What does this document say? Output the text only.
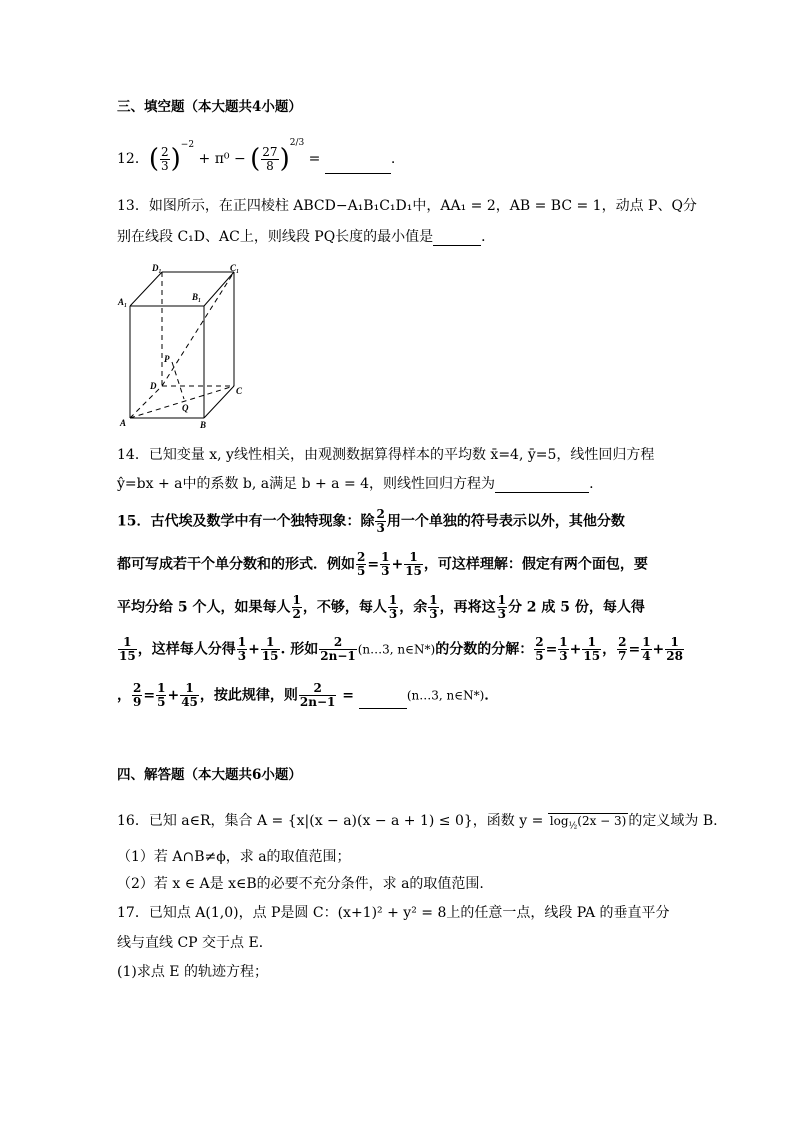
三、填空题（本大题共4小题）
12．( $\frac{2}{3} )^{-2} + \pi^0$ − ( $\frac{27}{8} )^{2/3}$ =	.
13．如图所示，在正四棱柱 ABCD−A₁B₁C₁D₁中，AA₁ = 2，AB = BC = 1，动点 P、Q分
别在线段 C₁D、AC上，则线段 PQ长度的最小值是	．
D₁	C₁
A₁	B₁
P
D	C
A
Q
B
14．已知变量 x, y线性相关，由观测数据算得样本的平均数 x̄=4, ȳ=5，线性回归方程
ŷ=bx + a中的系数 b, a满足 b + a = 4，则线性回归方程为	.
15．古代埃及数学中有一个独特现象：除 $\frac{2}{3}$ 用一个单独的符号表示以外，其他分数
都可写成若干个单分数和的形式．例如 $\frac{2}{5} = \frac{1}{3} + \frac{1}{15}$ ，可这样理解：假定有两个面包，要
平均分给 5 个人，如果每人 $\frac{1}{2}$ ，不够，每人 $\frac{1}{3}$ ，余 $\frac{1}{3}$ ，再将这 $\frac{1}{3}$ 分 2 成 5 份，每人得
$\frac{1}{15}$ ，这样每人分得 $\frac{1}{3} + \frac{1}{15}$ . 形如 $\frac{2}{2n-1}$ (n…3, n∈N*)的分数的分解： $\frac{2}{5} = \frac{1}{3} + \frac{1}{15}$ ， $\frac{2}{7} = \frac{1}{4} + \frac{1}{28}$
， $\frac{2}{9} = \frac{1}{5} + \frac{1}{45}$ ，按此规律，则 $\frac{2}{2n-1}$ =	(n…3, n∈N*)．
四、解答题（本大题共6小题）
16．已知 a∈R，集合 A = {x|(x − a)(x − a + 1) ≤ 0}，函数 $y = \log_{\frac{1}{2}}(2x - 3)$ 的定义域为 B.
（1）若 A∩B≠ϕ，求 a的取值范围；
（2）若 x ∈ A是 x∈B的必要不充分条件，求 a的取值范围.
17．已知点 A(1,0)，点 P是圆 C：(x+1)² + y² = 8上的任意一点，线段 PA 的垂直平分
线与直线 CP 交于点 E．
(1)求点 E 的轨迹方程；
